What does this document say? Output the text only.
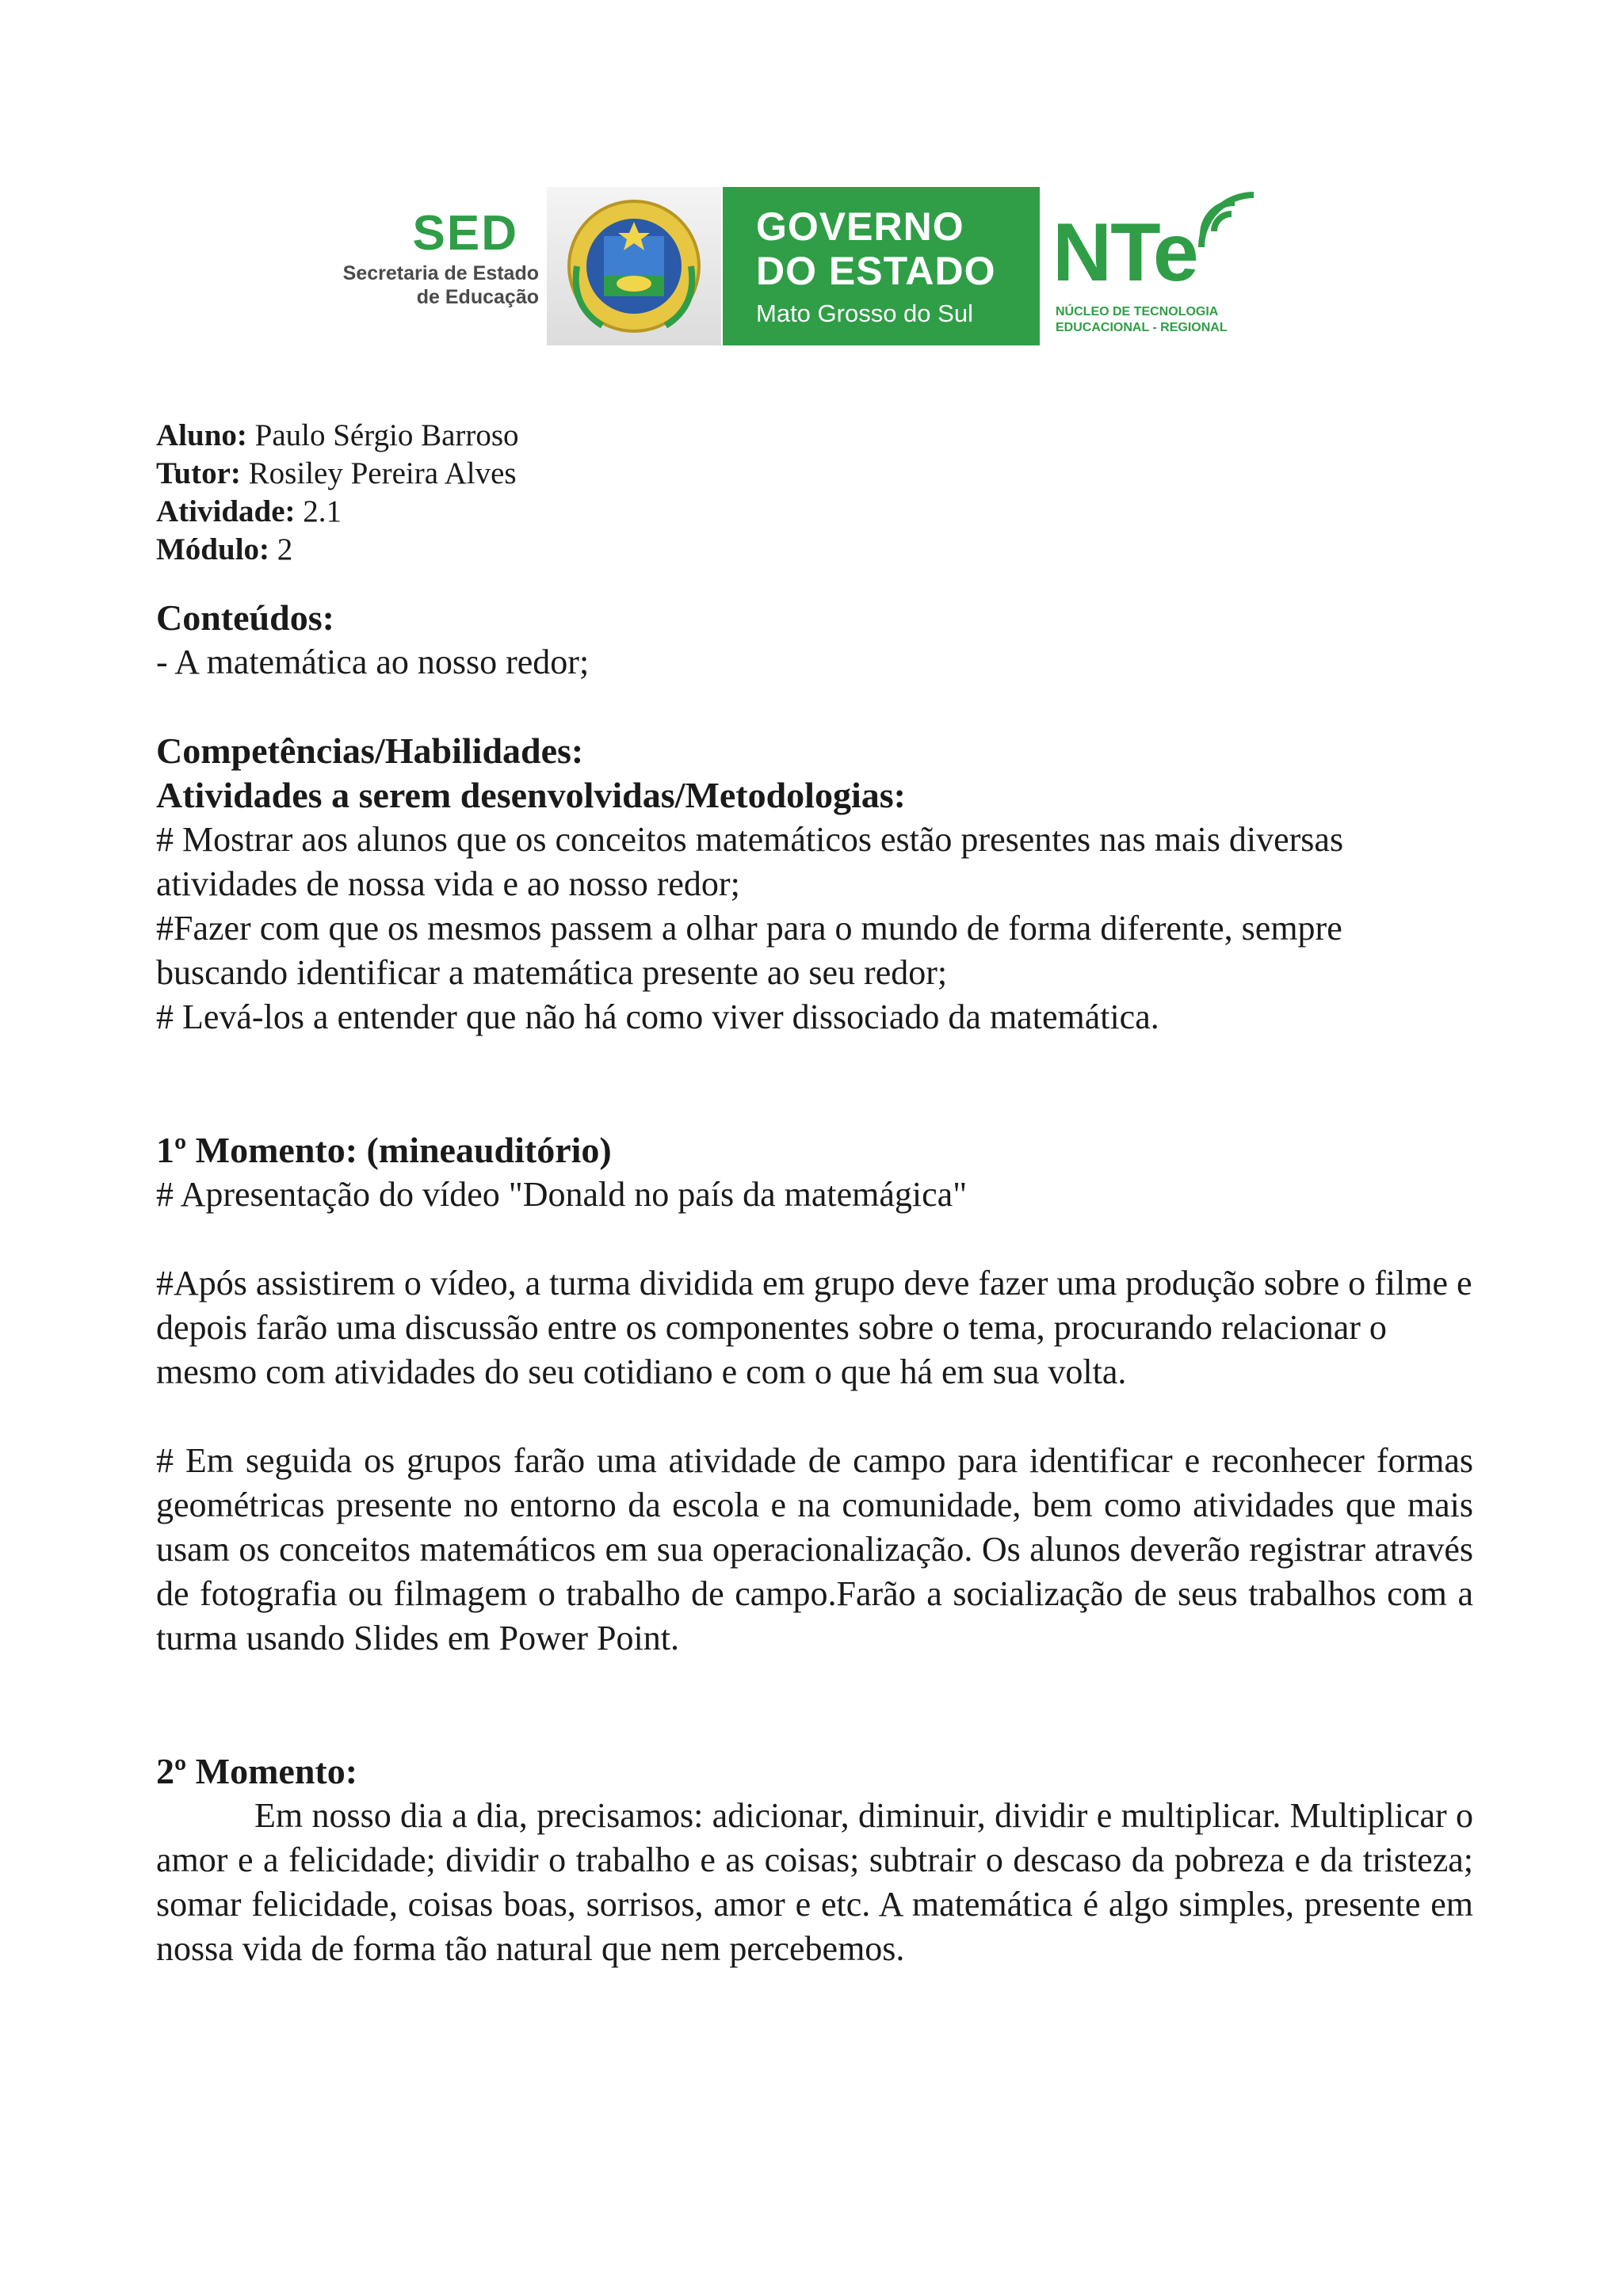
SED
Secretaria de Estado
de Educação
GOVERNO
DO ESTADO
Mato Grosso do Sul
NTe
NÚCLEO DE TECNOLOGIA
EDUCACIONAL - REGIONAL
Aluno: Paulo Sérgio Barroso
Tutor: Rosiley Pereira Alves
Atividade: 2.1
Módulo: 2
Conteúdos:

- A matemática ao nosso redor;

Competências/Habilidades:
Atividades a serem desenvolvidas/Metodologias:

# Mostrar aos alunos que os conceitos matemáticos estão presentes nas mais diversas atividades de nossa vida e ao nosso redor;

#Fazer com que os mesmos passem a olhar para o mundo de forma diferente, sempre buscando identificar a matemática presente ao seu redor;

# Levá-los a entender que não há como viver dissociado da matemática.

1º Momento: (mineauditório)

# Apresentação do vídeo "Donald no país da matemágica"

#Após assistirem o vídeo, a turma dividida em grupo deve fazer uma produção sobre o filme e depois farão uma discussão entre os componentes sobre o tema, procurando relacionar o mesmo com atividades do seu cotidiano e com o que há em sua volta.

# Em seguida os grupos farão uma atividade de campo para identificar e reconhecer formas geométricas presente no entorno da escola e na comunidade, bem como atividades que mais usam os conceitos matemáticos em sua operacionalização. Os alunos deverão registrar através de fotografia ou filmagem o trabalho de campo.Farão a socialização de seus trabalhos com a turma usando Slides em Power Point.

2º Momento:

Em nosso dia a dia, precisamos: adicionar, diminuir, dividir e multiplicar. Multiplicar o amor e a felicidade; dividir o trabalho e as coisas; subtrair o descaso da pobreza e da tristeza; somar felicidade, coisas boas, sorrisos, amor e etc. A matemática é algo simples, presente em nossa vida de forma tão natural que nem percebemos.
